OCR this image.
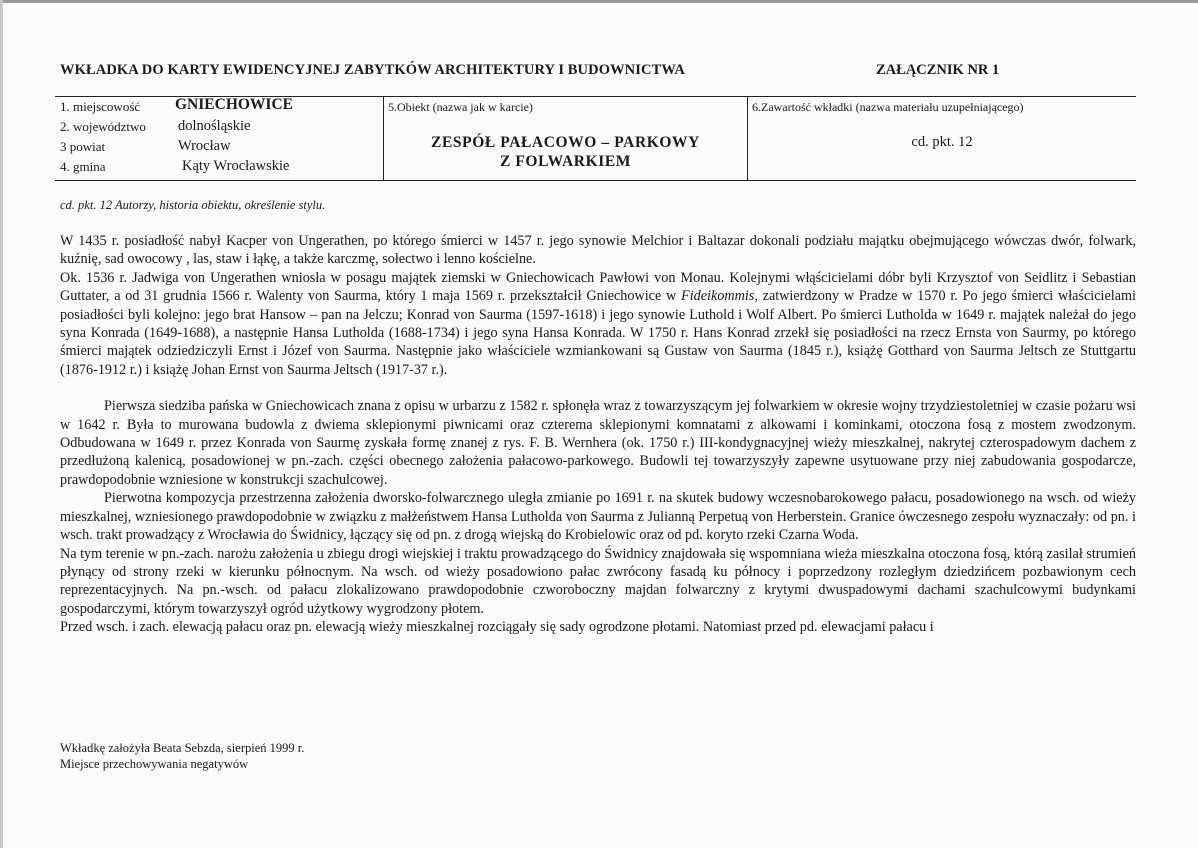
WKŁADKA DO KARTY EWIDENCYJNEJ ZABYTKÓW ARCHITEKTURY I BUDOWNICTWA	ZAŁĄCZNIK NR 1
1. miejscowość GNIECHOWICE
2. województwo dolnośląskie
3 powiat	Wrocław
4. gmina	Kąty Wrocławskie
5.Obiekt (nazwa jak w karcie)
ZESPÓŁ PAŁACOWO – PARKOWY
Z FOLWARKIEM
6.Zawartość wkładki (nazwa materiału uzupełniającego)
cd. pkt. 12
cd. pkt. 12 Autorzy, historia obiektu, określenie stylu.

W 1435 r. posiadłość nabył Kacper von Ungerathen, po którego śmierci w 1457 r. jego synowie Melchior i Baltazar dokonali podziału majątku obejmującego wówczas dwór, folwark, kuźnię, sad owocowy , las, staw i łąkę, a także karczmę, sołectwo i lenno kościelne.

Ok. 1536 r. Jadwiga von Ungerathen wniosła w posagu majątek ziemski w Gniechowicach Pawłowi von Monau. Kolejnymi włąścicielami dóbr byli Krzysztof von Seidlitz i Sebastian Guttater, a od 31 grudnia 1566 r. Walenty von Saurma, który 1 maja 1569 r. przekształcił Gniechowice w Fideikommis, zatwierdzony w Pradze w 1570 r. Po jego śmierci właścicielami posiadłości byli kolejno: jego brat Hansow – pan na Jelczu; Konrad von Saurma (1597-1618) i jego synowie Luthold i Wolf Albert. Po śmierci Lutholda w 1649 r. majątek należał do jego syna Konrada (1649-1688), a następnie Hansa Lutholda (1688-1734) i jego syna Hansa Konrada. W 1750 r. Hans Konrad zrzekł się posiadłości na rzecz Ernsta von Saurmy, po którego śmierci majątek odziedziczyli Ernst i Józef von Saurma. Następnie jako właściciele wzmiankowani są Gustaw von Saurma (1845 r.), książę Gotthard von Saurma Jeltsch ze Stuttgartu (1876-1912 r.) i książę Johan Ernst von Saurma Jeltsch (1917-37 r.).

Pierwsza siedziba pańska w Gniechowicach znana z opisu w urbarzu z 1582 r. spłonęła wraz z towarzyszącym jej folwarkiem w okresie wojny trzydziestoletniej w czasie pożaru wsi w 1642 r. Była to murowana budowla z dwiema sklepionymi piwnicami oraz czterema sklepionymi komnatami z alkowami i kominkami, otoczona fosą z mostem zwodzonym. Odbudowana w 1649 r. przez Konrada von Saurmę zyskała formę znanej z rys. F. B. Wernhera (ok. 1750 r.) III-kondygnacyjnej wieży mieszkalnej, nakrytej czterospadowym dachem z przedłużoną kalenicą, posadowionej w pn.-zach. części obecnego założenia pałacowo-parkowego. Budowli tej towarzyszyły zapewne usytuowane przy niej zabudowania gospodarcze, prawdopodobnie wzniesione w konstrukcji szachulcowej.

Pierwotna kompozycja przestrzenna założenia dworsko-folwarcznego uległa zmianie po 1691 r. na skutek budowy wczesnobarokowego pałacu, posadowionego na wsch. od wieży mieszkalnej, wzniesionego prawdopodobnie w związku z małżeństwem Hansa Lutholda von Saurma z Julianną Perpetuą von Herberstein. Granice ówczesnego zespołu wyznaczały: od pn. i wsch. trakt prowadzący z Wrocławia do Świdnicy, łączący się od pn. z drogą wiejską do Krobielowic oraz od pd. koryto rzeki Czarna Woda.

Na tym terenie w pn.-zach. narożu założenia u zbiegu drogi wiejskiej i traktu prowadzącego do Świdnicy znajdowała się wspomniana wieża mieszkalna otoczona fosą, którą zasilał strumień płynący od strony rzeki w kierunku północnym. Na wsch. od wieży posadowiono pałac zwrócony fasadą ku północy i poprzedzony rozległym dziedzińcem pozbawionym cech reprezentacyjnych. Na pn.-wsch. od pałacu zlokalizowano prawdopodobnie czworoboczny majdan folwarczny z krytymi dwuspadowymi dachami szachulcowymi budynkami gospodarczymi, którym towarzyszył ogród użytkowy wygrodzony płotem.

Przed wsch. i zach. elewacją pałacu oraz pn. elewacją wieży mieszkalnej rozciągały się sady ogrodzone płotami. Natomiast przed pd. elewacjami pałacu i

Wkładkę założyła Beata Sebzda, sierpień 1999 r.
Miejsce przechowywania negatywów
